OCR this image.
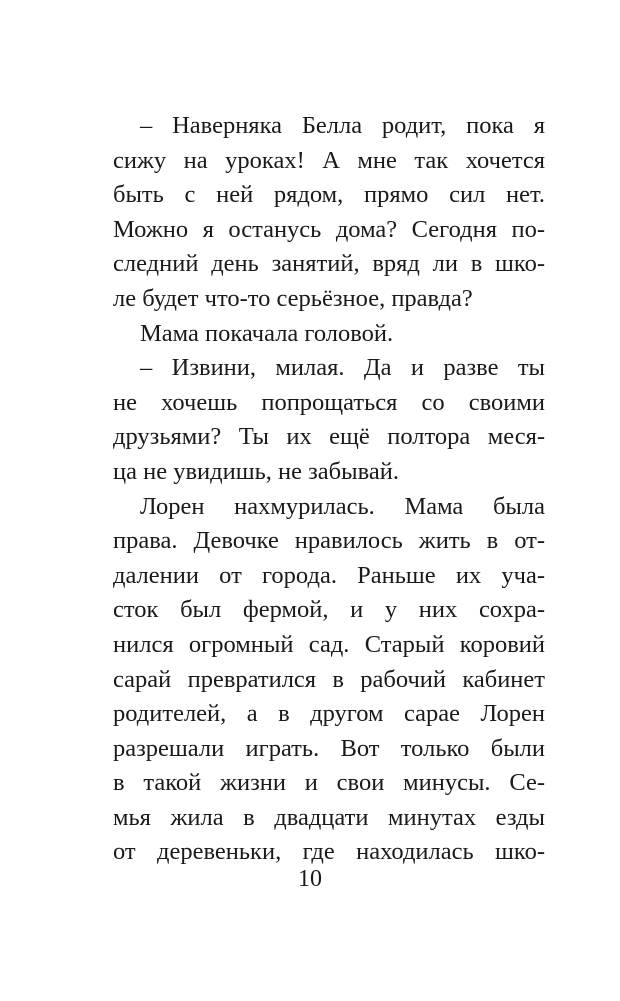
– Наверняка Белла родит, пока я
сижу на уроках! А мне так хочется
быть с ней рядом, прямо сил нет.
Можно я останусь дома? Сегодня по-
следний день занятий, вряд ли в шко-
ле будет что-то серьёзное, правда?
Мама покачала головой.
– Извини, милая. Да и разве ты
не хочешь попрощаться со своими
друзьями? Ты их ещё полтора меся-
ца не увидишь, не забывай.
Лорен нахмурилась. Мама была
права. Девочке нравилось жить в от-
далении от города. Раньше их уча-
сток был фермой, и у них сохра-
нился огромный сад. Старый коровий
сарай превратился в рабочий кабинет
родителей, а в другом сарае Лорен
разрешали играть. Вот только были
в такой жизни и свои минусы. Се-
мья жила в двадцати минутах езды
от деревеньки, где находилась шко-
10
